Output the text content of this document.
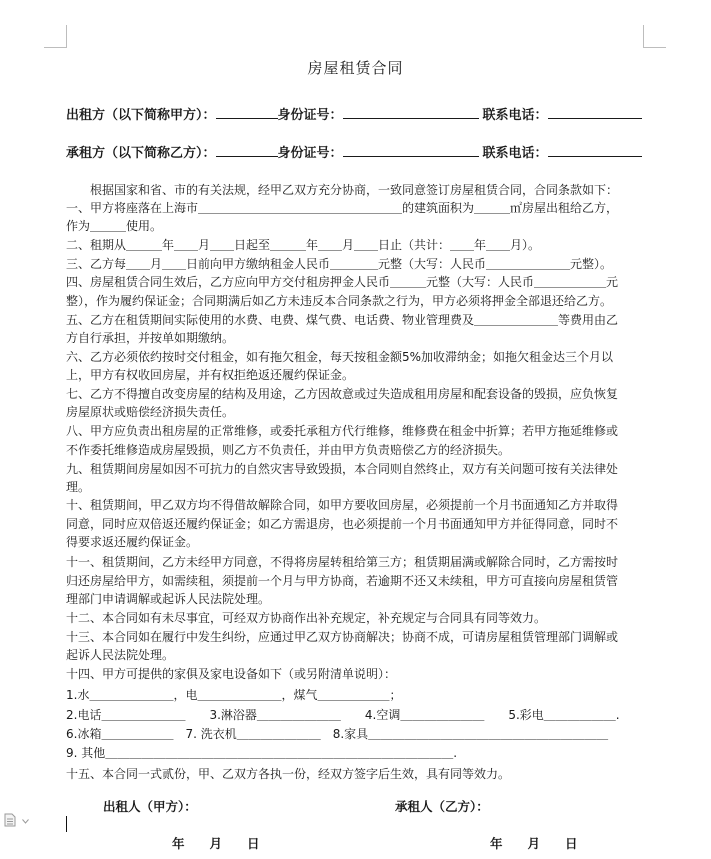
房屋租赁合同
出租方（以下简称甲方）：	身份证号：	联系电话：
承租方（以下简称乙方）：	身份证号：	联系电话：
　　根据国家和省、市的有关法规，经甲乙双方充分协商，一致同意签订房屋租赁合同，合同条款如下：
一、甲方将座落在上海市＿＿＿＿＿＿＿＿＿＿＿＿＿＿＿＿＿的建筑面积为＿＿＿㎡房屋出租给乙方，
作为＿＿＿使用。
二、租期从＿＿＿年＿＿月＿＿日起至＿＿＿年＿＿月＿＿日止（共计：＿＿年＿＿月）。
三、乙方每＿＿月＿＿日前向甲方缴纳租金人民币＿＿＿＿元整（大写：人民币＿＿＿＿＿＿＿元整）。
四、房屋租赁合同生效后，乙方应向甲方交付租房押金人民币＿＿＿元整（大写：人民币＿＿＿＿＿＿元
整），作为履约保证金；合同期满后如乙方未违反本合同条款之行为，甲方必须将押金全部退还给乙方。
五、乙方在租赁期间实际使用的水费、电费、煤气费、电话费、物业管理费及＿＿＿＿＿＿＿等费用由乙
方自行承担，并按单如期缴纳。
六、乙方必须依约按时交付租金，如有拖欠租金，每天按租金额5%加收滞纳金；如拖欠租金达三个月以
上，甲方有权收回房屋，并有权拒绝返还履约保证金。
七、乙方不得擅自改变房屋的结构及用途，乙方因故意或过失造成租用房屋和配套设备的毁损，应负恢复
房屋原状或赔偿经济损失责任。
八、甲方应负责出租房屋的正常维修，或委托承租方代行维修，维修费在租金中折算；若甲方拖延维修或
不作委托维修造成房屋毁损，则乙方不负责任，并由甲方负责赔偿乙方的经济损失。
九、租赁期间房屋如因不可抗力的自然灾害导致毁损，本合同则自然终止，双方有关问题可按有关法律处
理。
十、租赁期间，甲乙双方均不得借故解除合同，如甲方要收回房屋，必须提前一个月书面通知乙方并取得
同意，同时应双倍返还履约保证金；如乙方需退房，也必须提前一个月书面通知甲方并征得同意，同时不
得要求返还履约保证金。
十一、租赁期间，乙方未经甲方同意，不得将房屋转租给第三方；租赁期届满或解除合同时，乙方需按时
归还房屋给甲方，如需续租，须提前一个月与甲方协商，若逾期不还又未续租，甲方可直接向房屋租赁管
理部门申请调解或起诉人民法院处理。
十二、本合同如有未尽事宜，可经双方协商作出补充规定，补充规定与合同具有同等效力。
十三、本合同如在履行中发生纠纷，应通过甲乙双方协商解决；协商不成，可请房屋租赁管理部门调解或
起诉人民法院处理。
十四、甲方可提供的家俱及家电设备如下（或另附清单说明）：
1.水＿＿＿＿＿＿＿，电＿＿＿＿＿＿＿，煤气＿＿＿＿＿＿；
2.电话＿＿＿＿＿＿＿　　3.淋浴器＿＿＿＿＿＿＿　　4.空调＿＿＿＿＿＿＿　　5.彩电＿＿＿＿＿＿.
6.冰箱＿＿＿＿＿＿　7. 洗衣机＿＿＿＿＿＿＿　8.家具＿＿＿＿＿＿＿＿＿＿＿＿＿＿＿＿＿＿＿＿
9. 其他＿＿＿＿＿＿＿＿＿＿＿＿＿＿＿＿＿＿＿＿＿＿＿＿＿＿＿＿＿.
十五、本合同一式贰份，甲、乙双方各执一份，经双方签字后生效，具有同等效力。
出租人（甲方）：	承租人（乙方）：
年　　月　　日	年　　月　　日
